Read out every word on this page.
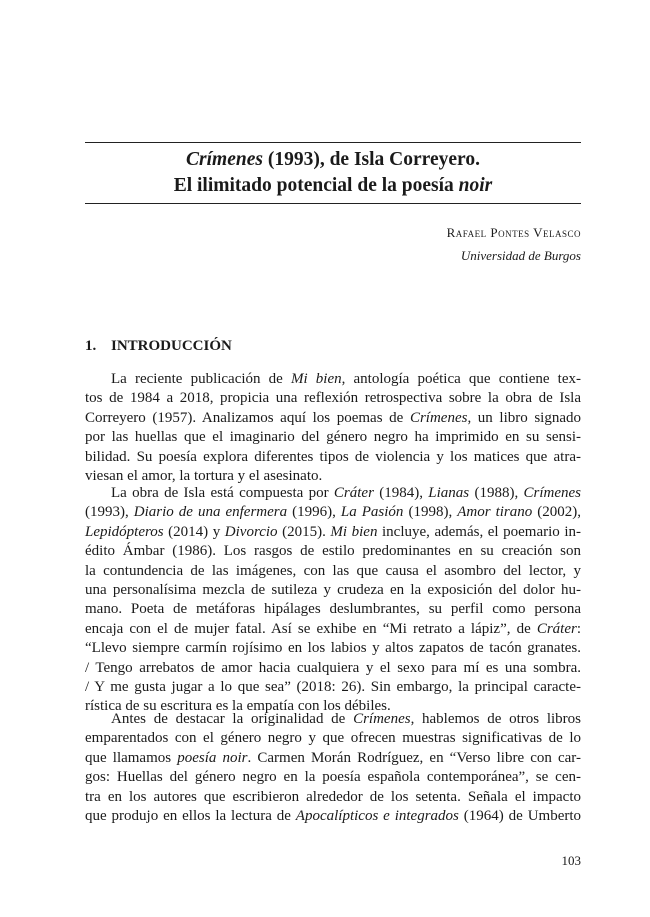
Crímenes (1993), de Isla Correyero.
El ilimitado potencial de la poesía noir
Rafael Pontes Velasco
Universidad de Burgos
1. INTRODUCCIÓN
La reciente publicación de Mi bien, antología poética que contiene tex-
tos de 1984 a 2018, propicia una reflexión retrospectiva sobre la obra de Isla
Correyero (1957). Analizamos aquí los poemas de Crímenes, un libro signado
por las huellas que el imaginario del género negro ha imprimido en su sensi-
bilidad. Su poesía explora diferentes tipos de violencia y los matices que atra-
viesan el amor, la tortura y el asesinato.
La obra de Isla está compuesta por Cráter (1984), Lianas (1988), Crímenes
(1993), Diario de una enfermera (1996), La Pasión (1998), Amor tirano (2002),
Lepidópteros (2014) y Divorcio (2015). Mi bien incluye, además, el poemario in-
édito Ámbar (1986). Los rasgos de estilo predominantes en su creación son
la contundencia de las imágenes, con las que causa el asombro del lector, y
una personalísima mezcla de sutileza y crudeza en la exposición del dolor hu-
mano. Poeta de metáforas hipálages deslumbrantes, su perfil como persona
encaja con el de mujer fatal. Así se exhibe en “Mi retrato a lápiz”, de Cráter:
“Llevo siempre carmín rojísimo en los labios y altos zapatos de tacón granates.
/ Tengo arrebatos de amor hacia cualquiera y el sexo para mí es una sombra.
/ Y me gusta jugar a lo que sea” (2018: 26). Sin embargo, la principal caracte-
rística de su escritura es la empatía con los débiles.
Antes de destacar la originalidad de Crímenes, hablemos de otros libros
emparentados con el género negro y que ofrecen muestras significativas de lo
que llamamos poesía noir. Carmen Morán Rodríguez, en “Verso libre con car-
gos: Huellas del género negro en la poesía española contemporánea”, se cen-
tra en los autores que escribieron alrededor de los setenta. Señala el impacto
que produjo en ellos la lectura de Apocalípticos e integrados (1964) de Umberto
103
